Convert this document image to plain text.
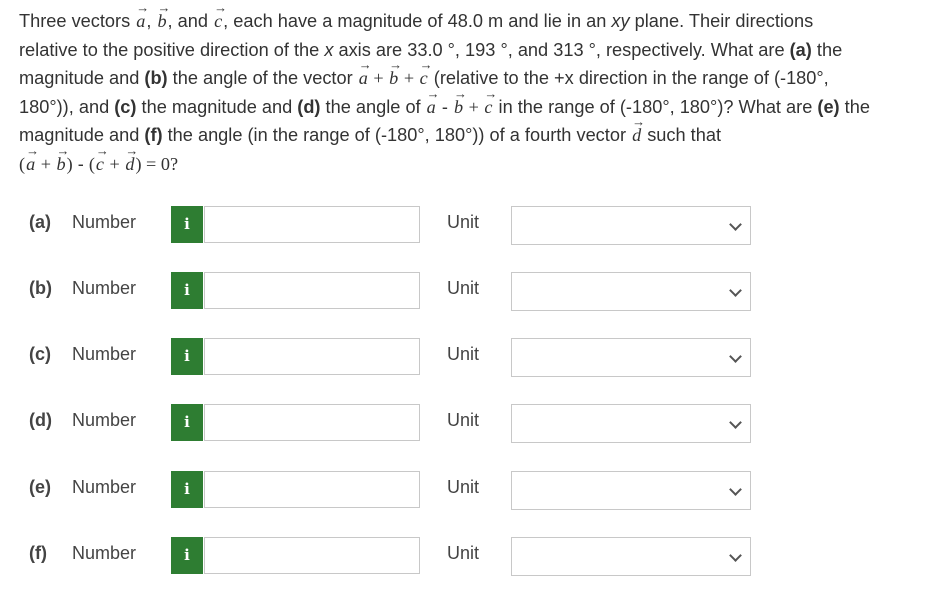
Three vectors → a, → b, and → c, each have a magnitude of 48.0 m and lie in an xy plane. Their directions

relative to the positive direction of the x axis are 33.0 °, 193 °, and 313 °, respectively. What are (a) the

magnitude and (b) the angle of the vector → a + → b + → c (relative to the +x direction in the range of (-180°,

180°)), and (c) the magnitude and (d) the angle of → a - → b + → c in the range of (-180°, 180°)? What are (e) the

magnitude and (f) the angle (in the range of (-180°, 180°)) of a fourth vector → d such that

(→ a + → b) - (→ c + → d) = 0?

(a) Number	i	Unit
(b) Number	i	Unit
(c) Number	i	Unit
(d) Number	i	Unit
(e) Number	i	Unit
(f) Number	i	Unit
